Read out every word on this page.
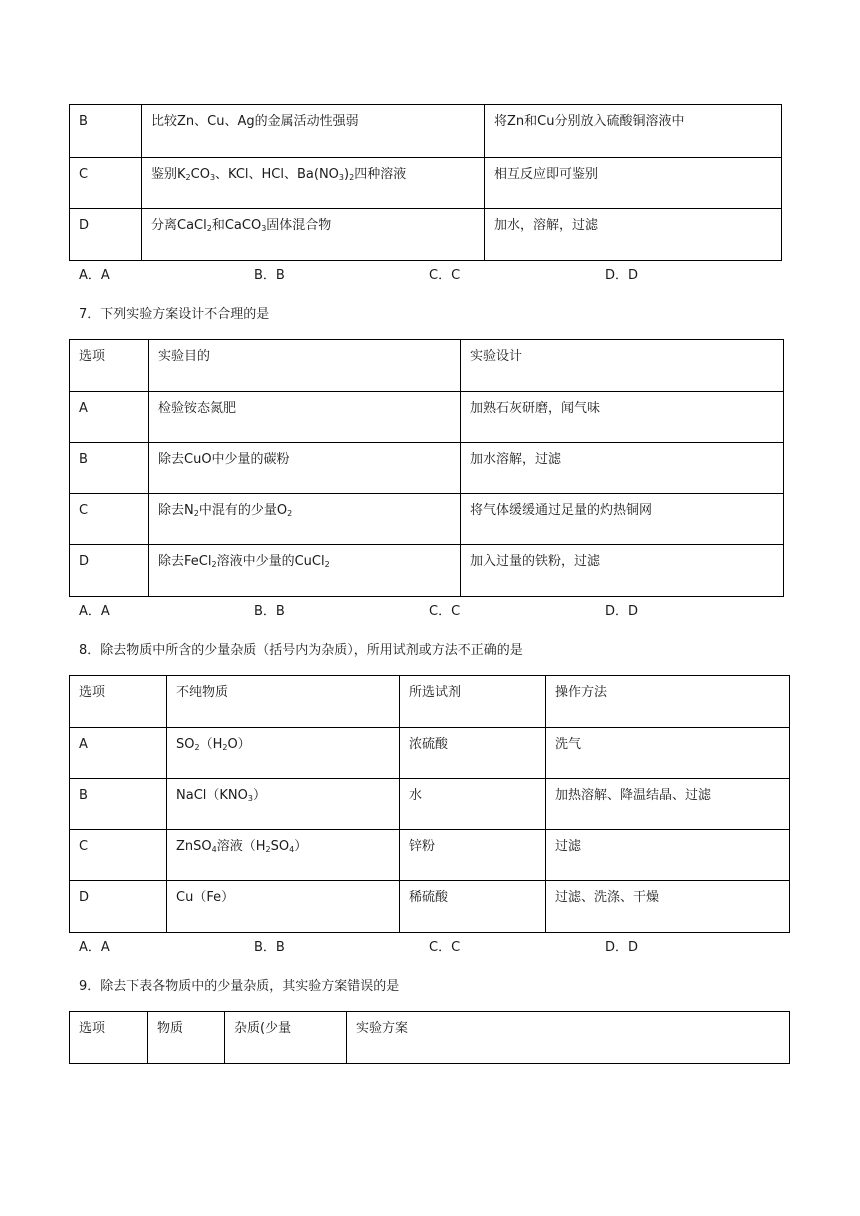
B	比较Zn、Cu、Ag的金属活动性强弱	将Zn和Cu分别放入硫酸铜溶液中
C	鉴别$K_2CO_3$、KCl、HCl、$Ba(NO_3)_2$四种溶液	相互反应即可鉴别
D	分离CaCl$_2$和CaCO$_3$固体混合物	加水，溶解，过滤
A．A	B．B	C．C	D．D
7．下列实验方案设计不合理的是
选项	实验目的	实验设计
A	检验铵态氮肥	加熟石灰研磨，闻气味
B	除去CuO中少量的碳粉	加水溶解，过滤
C	除去$N_2$中混有的少量$O_2$	将气体缓缓通过足量的灼热铜网
D	除去FeCl$_2$溶液中少量的CuCl$_2$	加入过量的铁粉，过滤
A．A	B．B	C．C	D．D
8．除去物质中所含的少量杂质（括号内为杂质），所用试剂或方法不正确的是
选项	不纯物质	所选试剂	操作方法
A	$SO_2(H_2O)$	浓硫酸	洗气
B	$NaCl(KNO_3)$	水	加热溶解、降温结晶、过滤
C	ZnSO$_4$溶液$(H_2SO_4)$	锌粉	过滤
D	Cu（Fe）	稀硫酸	过滤、洗涤、干燥
A．A	B．B	C．C	D．D
9．除去下表各物质中的少量杂质，其实验方案错误的是
选项	物质	杂质(少量	实验方案
